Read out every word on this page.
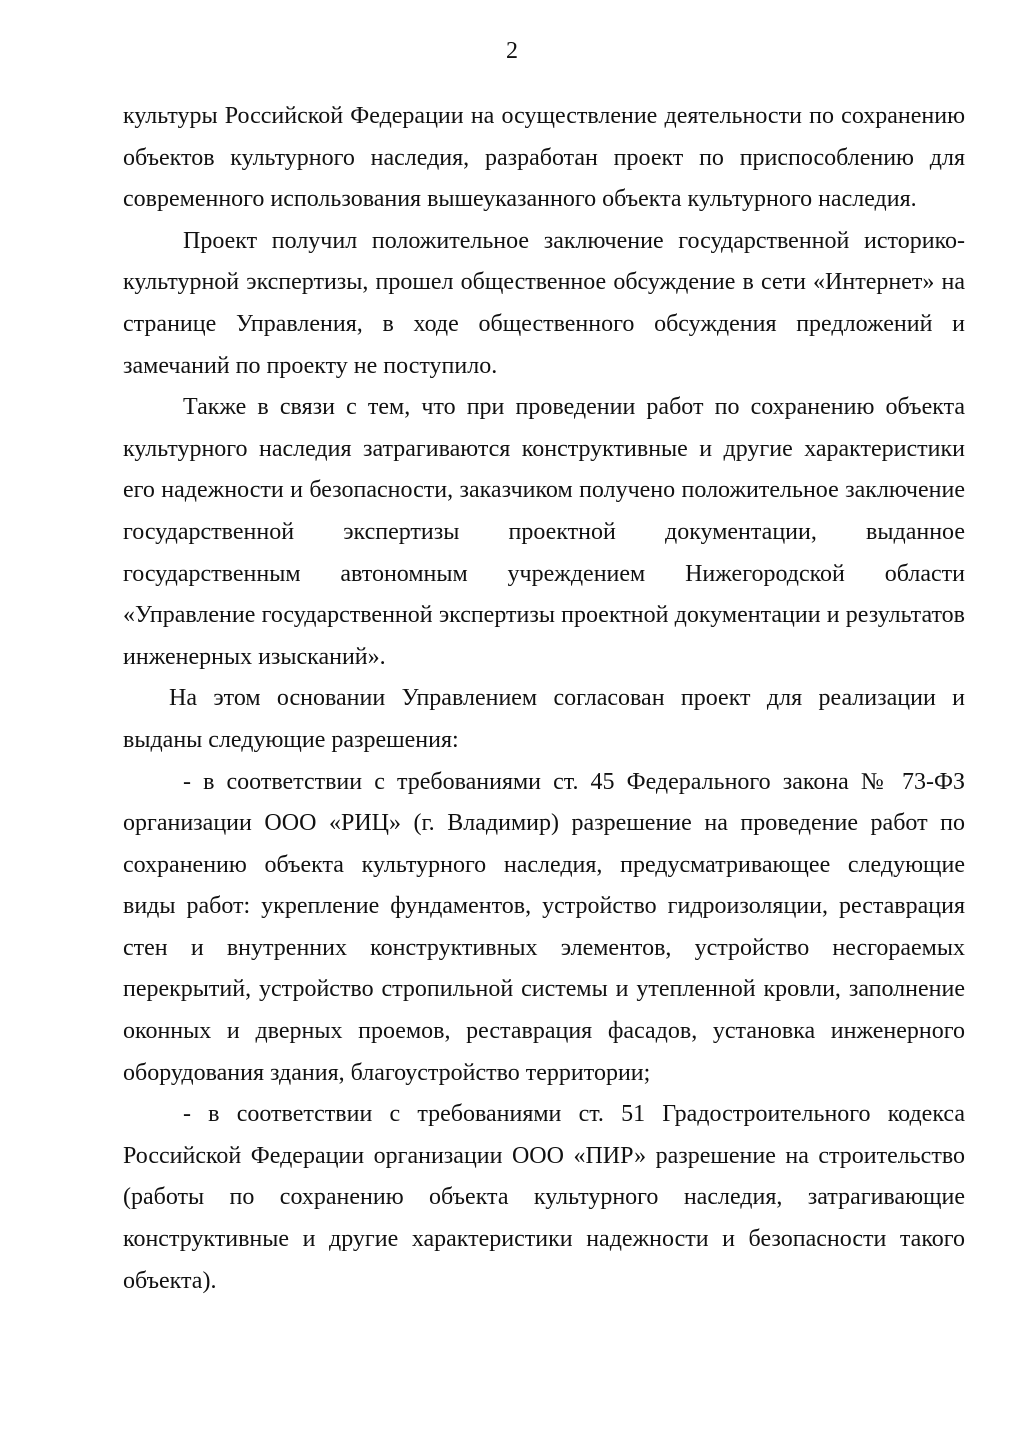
2

культуры Российской Федерации на осуществление деятельности по сохранению объектов культурного наследия, разработан проект по приспособлению для современного использования вышеуказанного объекта культурного наследия.

Проект получил положительное заключение государственной историко-культурной экспертизы, прошел общественное обсуждение в сети «Интернет» на странице Управления, в ходе общественного обсуждения предложений и замечаний по проекту не поступило.

Также в связи с тем, что при проведении работ по сохранению объекта культурного наследия затрагиваются конструктивные и другие характеристики его надежности и безопасности, заказчиком получено положительное заключение государственной экспертизы проектной документации, выданное государственным автономным учреждением Нижегородской области «Управление государственной экспертизы проектной документации и результатов инженерных изысканий».

На этом основании Управлением согласован проект для реализации и выданы следующие разрешения:

- в соответствии с требованиями ст. 45 Федерального закона № 73-ФЗ организации ООО «РИЦ» (г. Владимир) разрешение на проведение работ по сохранению объекта культурного наследия, предусматривающее следующие виды работ: укрепление фундаментов, устройство гидроизоляции, реставрация стен и внутренних конструктивных элементов, устройство несгораемых перекрытий, устройство стропильной системы и утепленной кровли, заполнение оконных и дверных проемов, реставрация фасадов, установка инженерного оборудования здания, благоустройство территории;

- в соответствии с требованиями ст. 51 Градостроительного кодекса Российской Федерации организации ООО «ПИР» разрешение на строительство (работы по сохранению объекта культурного наследия, затрагивающие конструктивные и другие характеристики надежности и безопасности такого объекта).
